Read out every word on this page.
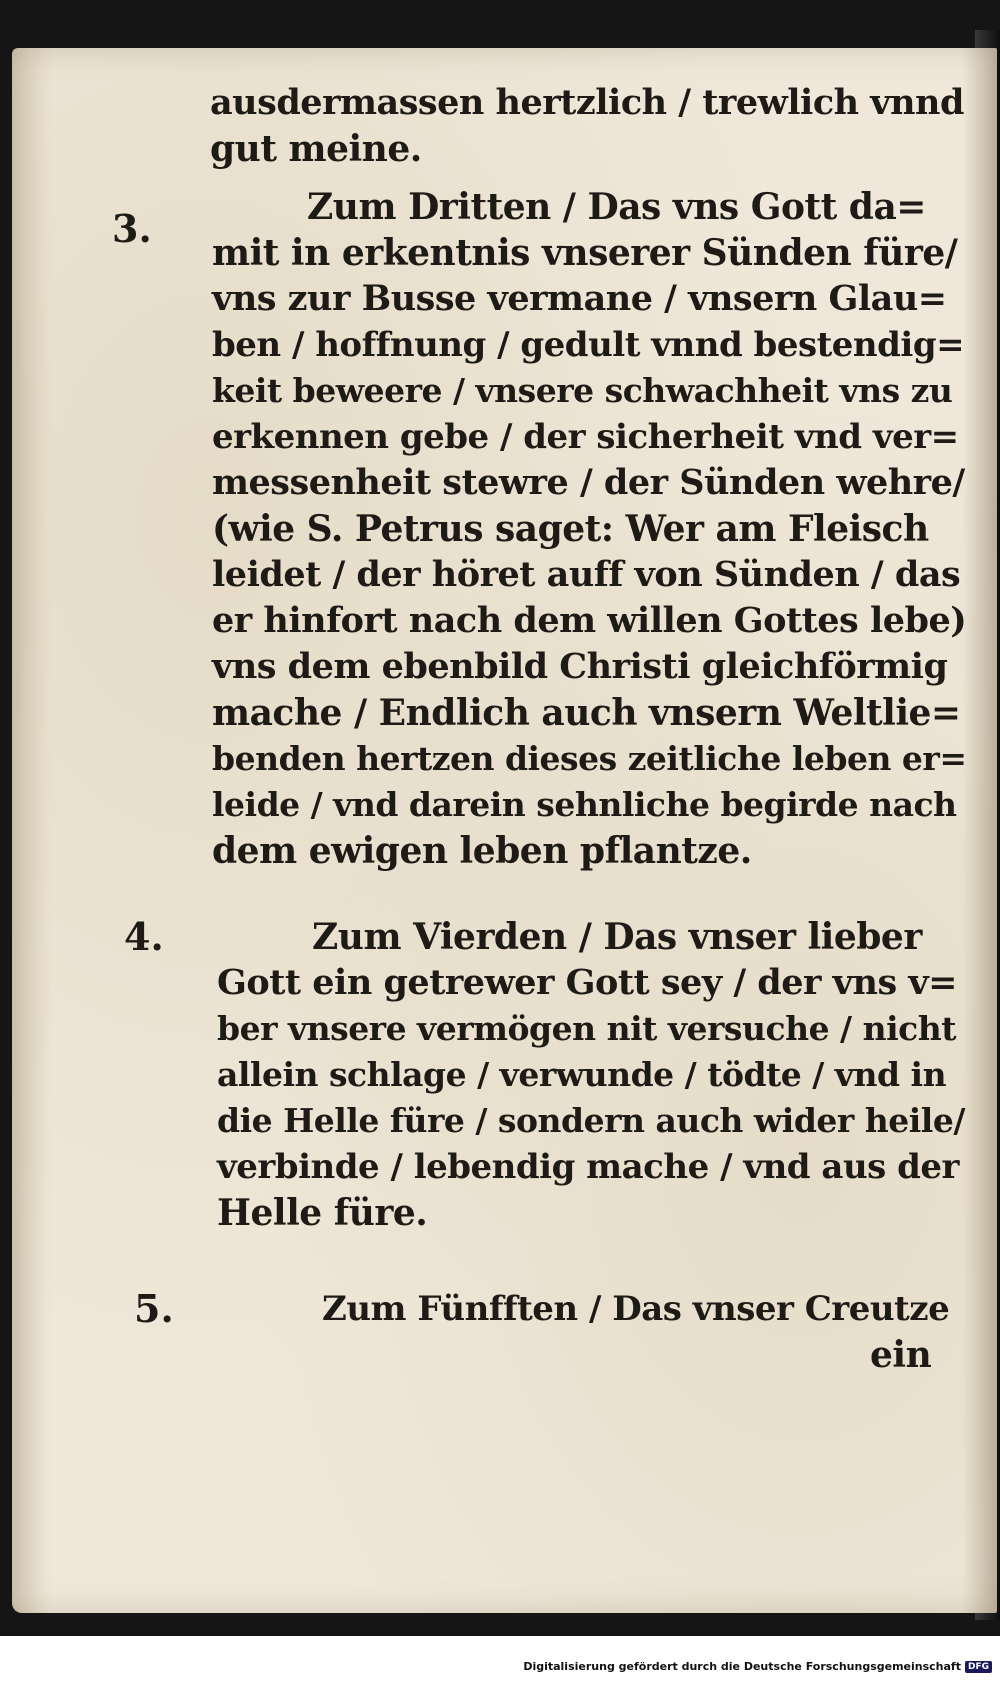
ausdermassen hertzlich / trewlich vnnd
gut meine.
3.	Zum Dritten / Das vns Gott da=
mit in erkentnis vnserer Sünden füre/
vns zur Busse vermane / vnsern Glau=
ben / hoffnung / gedult vnnd bestendig=
keit beweere / vnsere schwachheit vns zu
erkennen gebe / der sicherheit vnd ver=
messenheit stewre / der Sünden wehre/
(wie S. Petrus saget: Wer am Fleisch
leidet / der höret auff von Sünden / das
er hinfort nach dem willen Gottes lebe)
vns dem ebenbild Christi gleichförmig
mache / Endlich auch vnsern Weltlie=
benden hertzen dieses zeitliche leben er=
leide / vnd darein sehnliche begirde nach
dem ewigen leben pflantze.
4.	Zum Vierden / Das vnser lieber
Gott ein getrewer Gott sey / der vns v=
ber vnsere vermögen nit versuche / nicht
allein schlage / verwunde / tödte / vnd in
die Helle füre / sondern auch wider heile/
verbinde / lebendig mache / vnd aus der
Helle füre.
5.	Zum Fünfften / Das vnser Creutze
ein
Digitalisierung gefördert durch die Deutsche Forschungsgemeinschaft DFG
